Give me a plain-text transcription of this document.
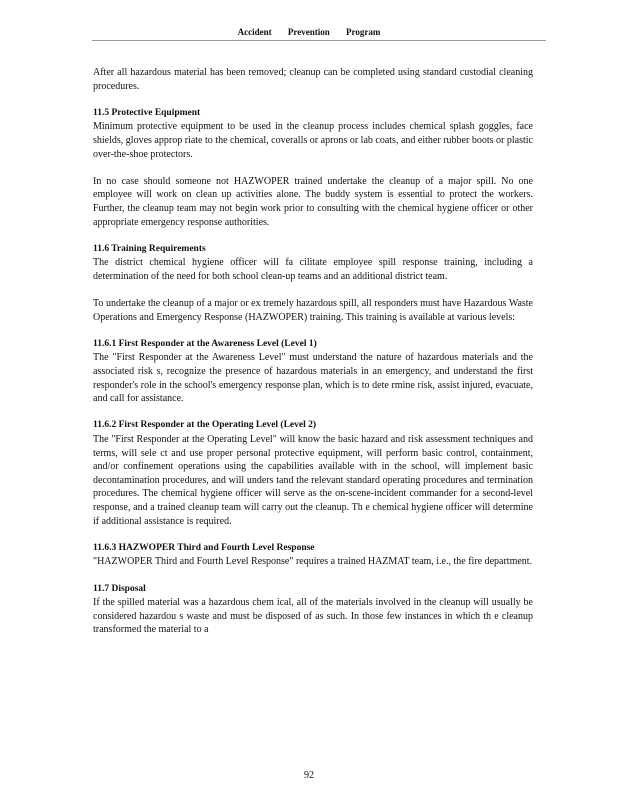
Accident Prevention Program

After all hazardous material has been removed; cleanup can be completed using standard custodial cleaning procedures.

11.5 Protective Equipment

Minimum protective equipment to be used in the cleanup process includes chemical splash goggles, face shields, gloves approp riate to the chemical, coveralls or aprons or lab coats, and either rubber boots or plastic over-the-shoe protectors.

In no case should someone not HAZWOPER trained undertake the cleanup of a major spill. No one employee will work on clean up activities alone. The buddy system is essential to protect the workers. Further, the cleanup team may not begin work prior to consulting with the chemical hygiene officer or other appropriate emergency response authorities.

11.6 Training Requirements

The district chemical hygiene officer will fa cilitate employee spill response training, including a determination of the need for both school clean-up teams and an additional district team.

To undertake the cleanup of a major or ex tremely hazardous spill, all responders must have Hazardous Waste Operations and Emergency Response (HAZWOPER) training. This training is available at various levels:

11.6.1 First Responder at the Awareness Level (Level 1)

The "First Responder at the Awareness Level" must understand the nature of hazardous materials and the associated risk s, recognize the presence of hazardous materials in an emergency, and understand the first responder's role in the school's emergency response plan, which is to dete rmine risk, assist injured, evacuate, and call for assistance.

11.6.2 First Responder at the Operating Level (Level 2)

The "First Responder at the Operating Level" will know the basic hazard and risk assessment techniques and terms, will sele ct and use proper personal protective equipment, will perform basic control, containment, and/or confinement operations using the capabilities available with in the school, will implement basic decontamination procedures, and will unders tand the relevant standard operating procedures and termination procedures. The chemical hygiene officer will serve as the on-scene-incident commander for a second-level response, and a trained cleanup team will carry out the cleanup. Th e chemical hygiene officer will determine if additional assistance is required.

11.6.3 HAZWOPER Third and Fourth Level Response

"HAZWOPER Third and Fourth Level Response" requires a trained HAZMAT team, i.e., the fire department.

11.7 Disposal

If the spilled material was a hazardous chem ical, all of the materials involved in the cleanup will usually be considered hazardou s waste and must be disposed of as such. In those few instances in which th e cleanup transformed the material to a

92
